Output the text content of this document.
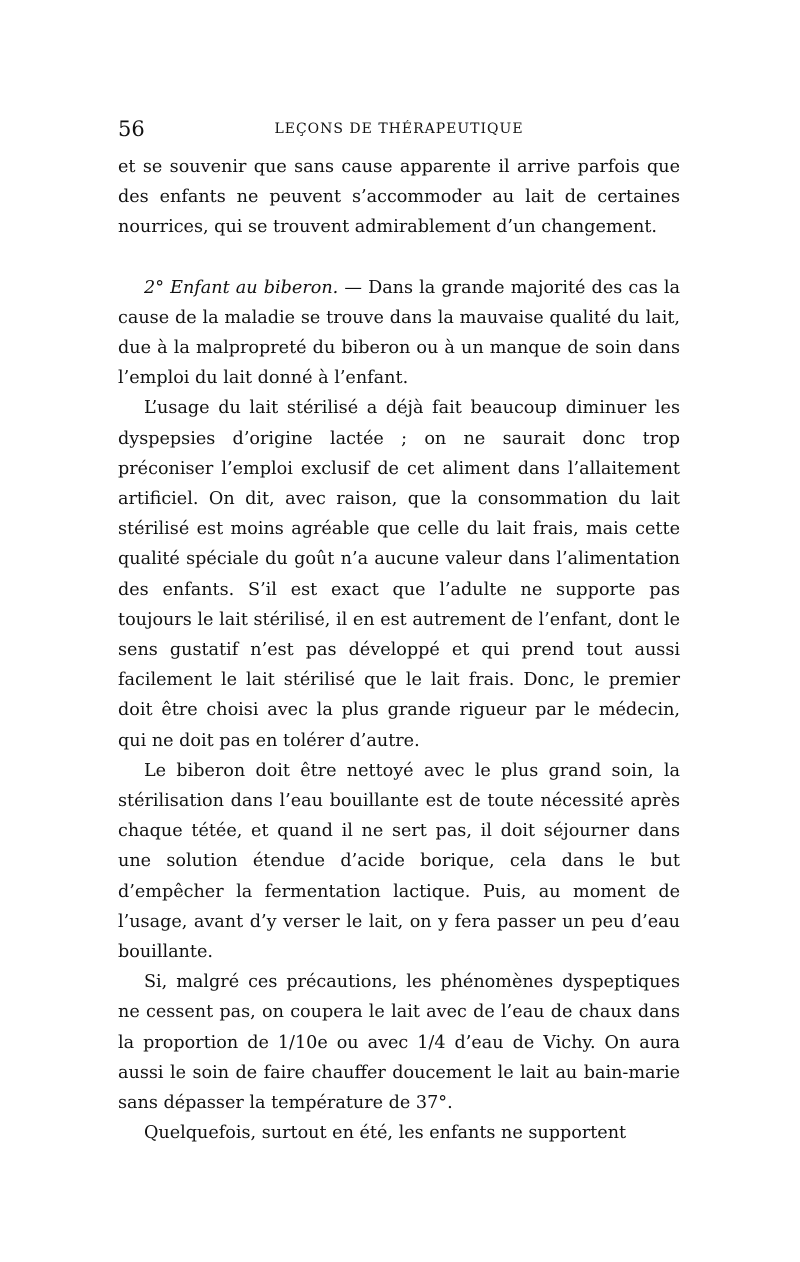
56	LEÇONS DE THÉRAPEUTIQUE

et se souvenir que sans cause apparente il arrive parfois que des enfants ne peuvent s’accommoder au lait de certaines nourrices, qui se trouvent admirablement d’un changement.

2° Enfant au biberon. — Dans la grande majorité des cas la cause de la maladie se trouve dans la mauvaise qualité du lait, due à la malpropreté du biberon ou à un manque de soin dans l’emploi du lait donné à l’enfant.

L’usage du lait stérilisé a déjà fait beaucoup diminuer les dyspepsies d’origine lactée ; on ne saurait donc trop préconiser l’emploi exclusif de cet aliment dans l’allaitement artificiel. On dit, avec raison, que la consommation du lait stérilisé est moins agréable que celle du lait frais, mais cette qualité spéciale du goût n’a aucune valeur dans l’alimentation des enfants. S’il est exact que l’adulte ne supporte pas toujours le lait stérilisé, il en est autrement de l’enfant, dont le sens gustatif n’est pas développé et qui prend tout aussi facilement le lait stérilisé que le lait frais. Donc, le premier doit être choisi avec la plus grande rigueur par le médecin, qui ne doit pas en tolérer d’autre.

Le biberon doit être nettoyé avec le plus grand soin, la stérilisation dans l’eau bouillante est de toute nécessité après chaque tétée, et quand il ne sert pas, il doit séjourner dans une solution étendue d’acide borique, cela dans le but d’empêcher la fermentation lactique. Puis, au moment de l’usage, avant d’y verser le lait, on y fera passer un peu d’eau bouillante.

Si, malgré ces précautions, les phénomènes dyspeptiques ne cessent pas, on coupera le lait avec de l’eau de chaux dans la proportion de 1/10e ou avec 1/4 d’eau de Vichy. On aura aussi le soin de faire chauffer doucement le lait au bain-marie sans dépasser la température de 37°.

Quelquefois, surtout en été, les enfants ne supportent
